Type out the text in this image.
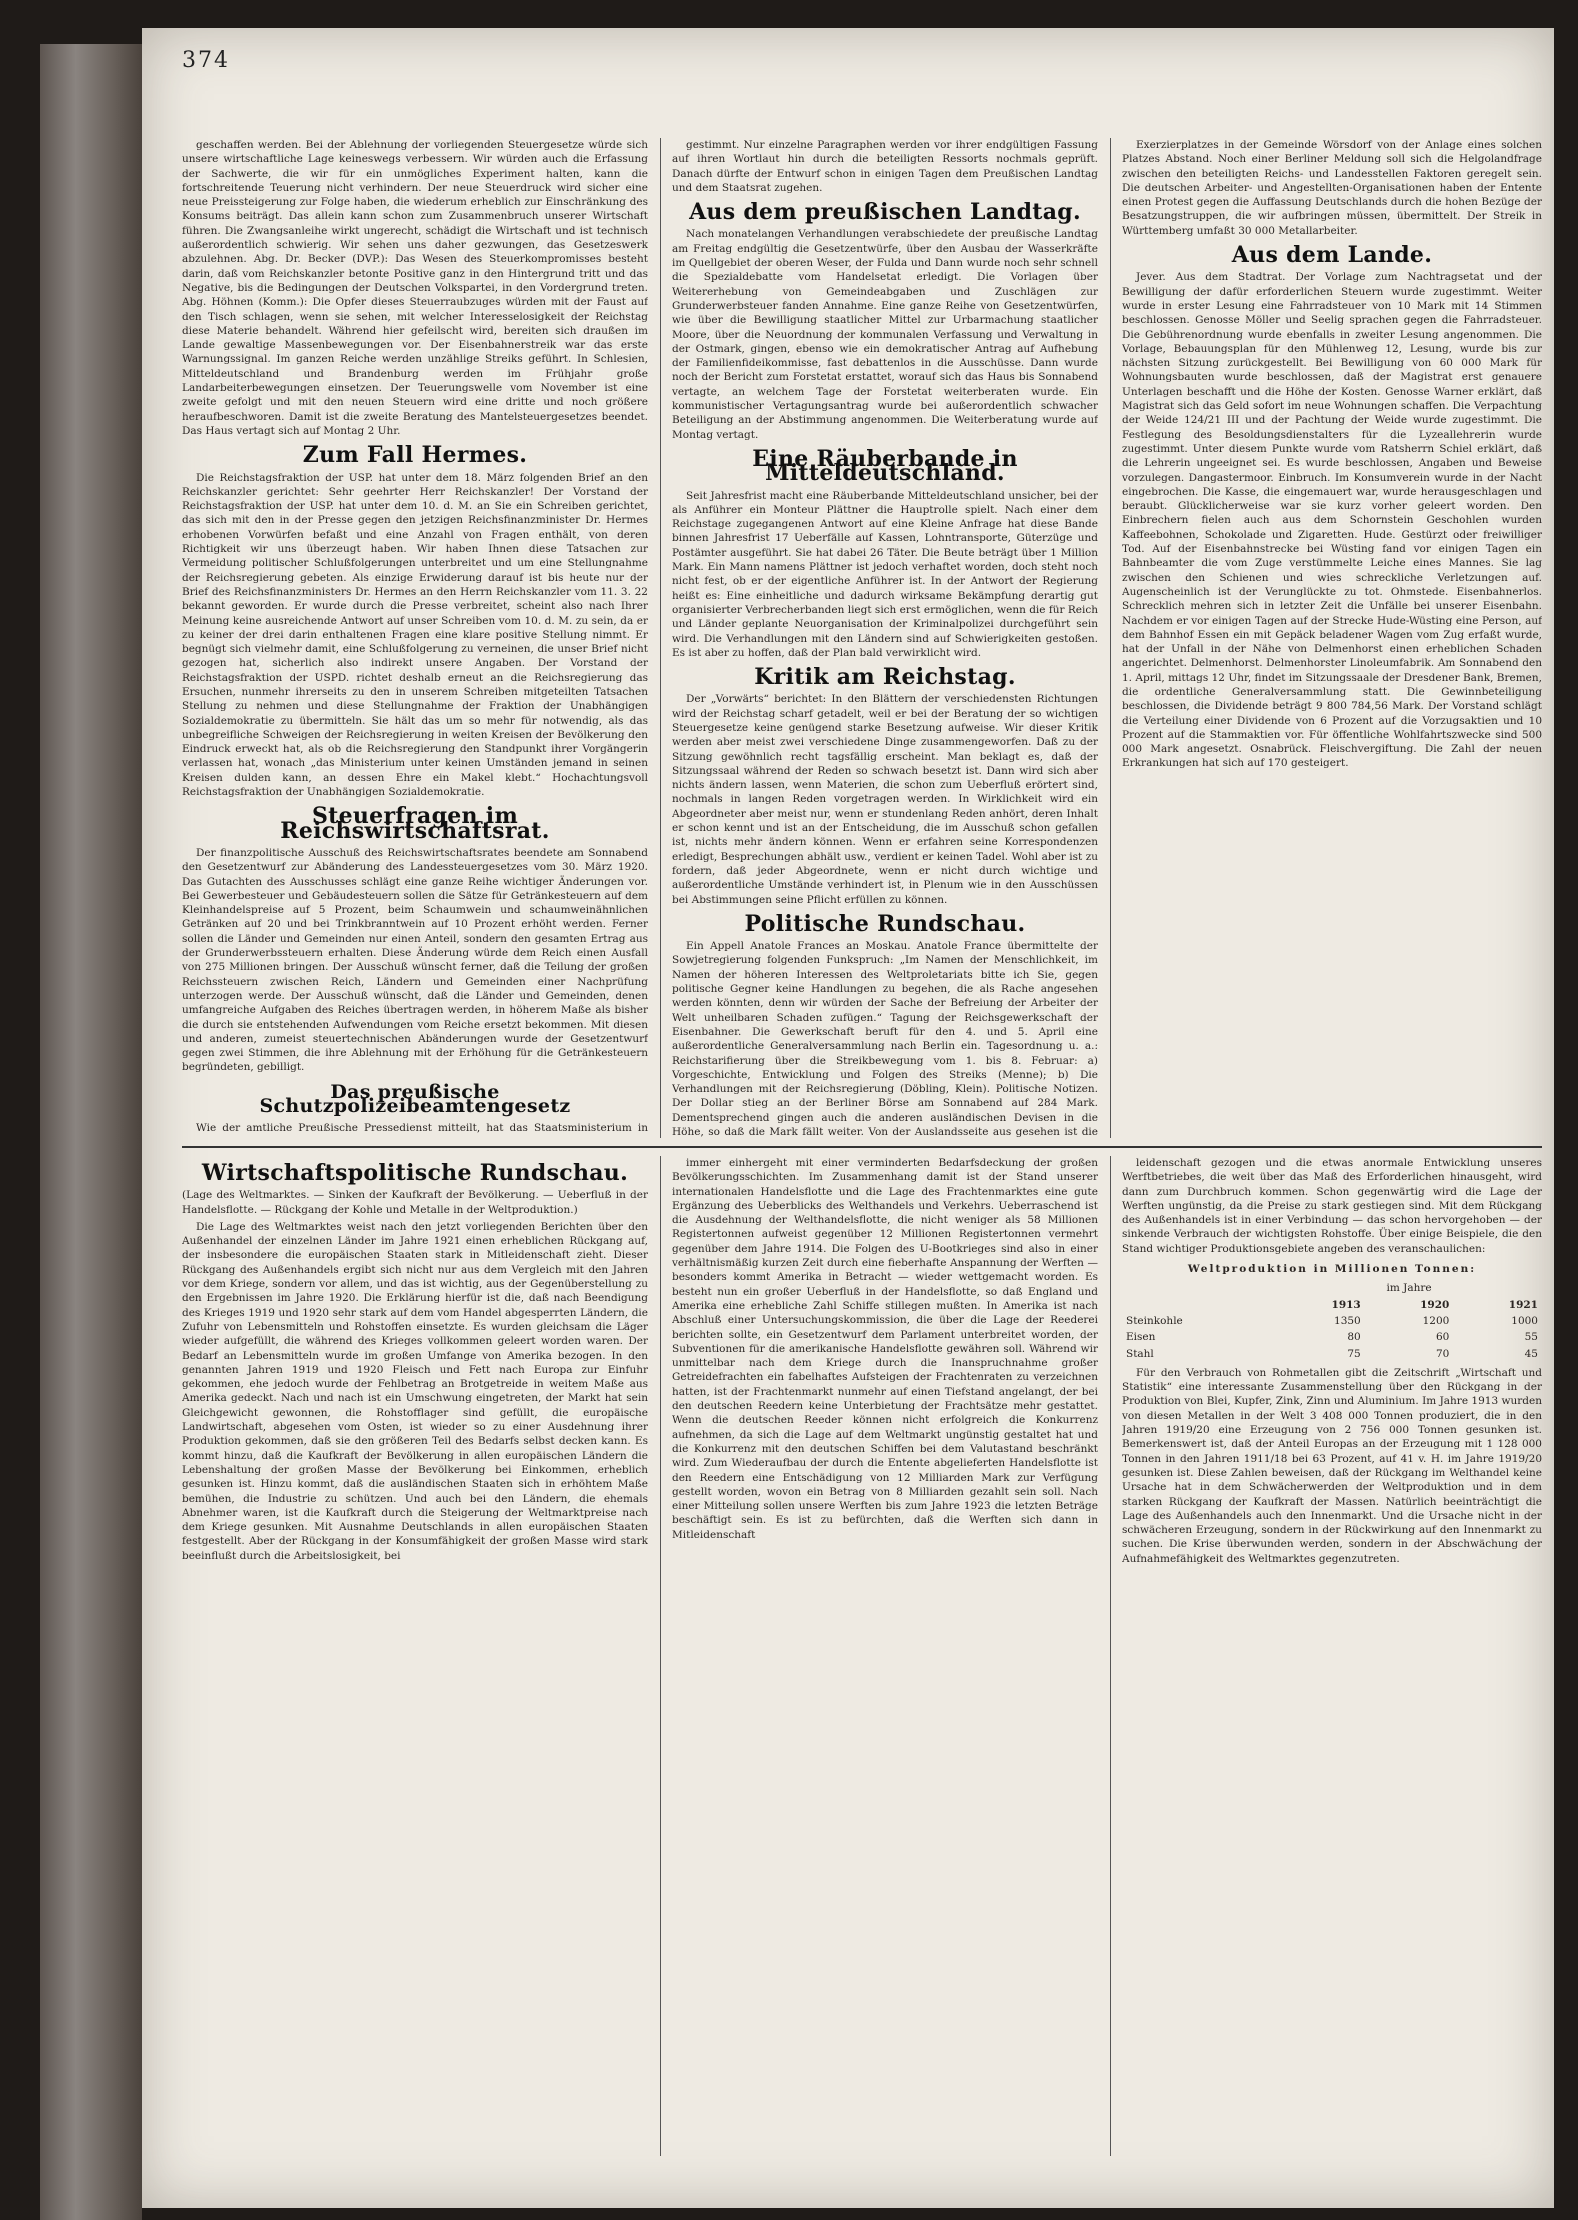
374

geschaffen werden. Bei der Ablehnung der vorliegenden Steuergesetze würde sich unsere wirtschaftliche Lage keineswegs verbessern. Wir würden auch die Erfassung der Sachwerte, die wir für ein unmögliches Experiment halten, kann die fortschreitende Teuerung nicht verhindern. Der neue Steuerdruck wird sicher eine neue Preissteigerung zur Folge haben, die wiederum erheblich zur Einschränkung des Konsums beiträgt. Das allein kann schon zum Zusammenbruch unserer Wirtschaft führen. Die Zwangsanleihe wirkt ungerecht, schädigt die Wirtschaft und ist technisch außerordentlich schwierig. Wir sehen uns daher gezwungen, das Gesetzeswerk abzulehnen. Abg. Dr. Becker (DVP.): Das Wesen des Steuerkompromisses besteht darin, daß vom Reichskanzler betonte Positive ganz in den Hintergrund tritt und das Negative, bis die Bedingungen der Deutschen Volkspartei, in den Vordergrund treten. Abg. Höhnen (Komm.): Die Opfer dieses Steuerraubzuges würden mit der Faust auf den Tisch schlagen, wenn sie sehen, mit welcher Interesselosigkeit der Reichstag diese Materie behandelt. Während hier gefeilscht wird, bereiten sich draußen im Lande gewaltige Massenbewegungen vor. Der Eisenbahnerstreik war das erste Warnungssignal. Im ganzen Reiche werden unzählige Streiks geführt. In Schlesien, Mitteldeutschland und Brandenburg werden im Frühjahr große Landarbeiterbewegungen einsetzen. Der Teuerungswelle vom November ist eine zweite gefolgt und mit den neuen Steuern wird eine dritte und noch größere heraufbeschworen. Damit ist die zweite Beratung des Mantelsteuergesetzes beendet. Das Haus vertagt sich auf Montag 2 Uhr.

Zum Fall Hermes.

Die Reichstagsfraktion der USP. hat unter dem 18. März folgenden Brief an den Reichskanzler gerichtet: Sehr geehrter Herr Reichskanzler! Der Vorstand der Reichstagsfraktion der USP. hat unter dem 10. d. M. an Sie ein Schreiben gerichtet, das sich mit den in der Presse gegen den jetzigen Reichsfinanzminister Dr. Hermes erhobenen Vorwürfen befaßt und eine Anzahl von Fragen enthält, von deren Richtigkeit wir uns überzeugt haben. Wir haben Ihnen diese Tatsachen zur Vermeidung politischer Schlußfolgerungen unterbreitet und um eine Stellungnahme der Reichsregierung gebeten. Als einzige Erwiderung darauf ist bis heute nur der Brief des Reichsfinanzministers Dr. Hermes an den Herrn Reichskanzler vom 11. 3. 22 bekannt geworden. Er wurde durch die Presse verbreitet, scheint also nach Ihrer Meinung keine ausreichende Antwort auf unser Schreiben vom 10. d. M. zu sein, da er zu keiner der drei darin enthaltenen Fragen eine klare positive Stellung nimmt. Er begnügt sich vielmehr damit, eine Schlußfolgerung zu verneinen, die unser Brief nicht gezogen hat, sicherlich also indirekt unsere Angaben. Der Vorstand der Reichstagsfraktion der USPD. richtet deshalb erneut an die Reichsregierung das Ersuchen, nunmehr ihrerseits zu den in unserem Schreiben mitgeteilten Tatsachen Stellung zu nehmen und diese Stellungnahme der Fraktion der Unabhängigen Sozialdemokratie zu übermitteln. Sie hält das um so mehr für notwendig, als das unbegreifliche Schweigen der Reichsregierung in weiten Kreisen der Bevölkerung den Eindruck erweckt hat, als ob die Reichsregierung den Standpunkt ihrer Vorgängerin verlassen hat, wonach „das Ministerium unter keinen Umständen jemand in seinen Kreisen dulden kann, an dessen Ehre ein Makel klebt.“ Hochachtungsvoll Reichstagsfraktion der Unabhängigen Sozialdemokratie.

Steuerfragen im Reichswirtschaftsrat.

Der finanzpolitische Ausschuß des Reichswirtschaftsrates beendete am Sonnabend den Gesetzentwurf zur Abänderung des Landessteuergesetzes vom 30. März 1920. Das Gutachten des Ausschusses schlägt eine ganze Reihe wichtiger Änderungen vor. Bei Gewerbesteuer und Gebäudesteuern sollen die Sätze für Getränkesteuern auf dem Kleinhandelspreise auf 5 Prozent, beim Schaumwein und schaumweinähnlichen Getränken auf 20 und bei Trinkbranntwein auf 10 Prozent erhöht werden. Ferner sollen die Länder und Gemeinden nur einen Anteil, sondern den gesamten Ertrag aus der Grunderwerbssteuern erhalten. Diese Änderung würde dem Reich einen Ausfall von 275 Millionen bringen. Der Ausschuß wünscht ferner, daß die Teilung der großen Reichssteuern zwischen Reich, Ländern und Gemeinden einer Nachprüfung unterzogen werde. Der Ausschuß wünscht, daß die Länder und Gemeinden, denen umfangreiche Aufgaben des Reiches übertragen werden, in höherem Maße als bisher die durch sie entstehenden Aufwendungen vom Reiche ersetzt bekommen. Mit diesen und anderen, zumeist steuertechnischen Abänderungen wurde der Gesetzentwurf gegen zwei Stimmen, die ihre Ablehnung mit der Erhöhung für die Getränkesteuern begründeten, gebilligt.

Das preußische Schutzpolizeibeamtengesetz

Wie der amtliche Preußische Pressedienst mitteilt, hat das Staatsministerium in

gestimmt. Nur einzelne Paragraphen werden vor ihrer endgültigen Fassung auf ihren Wortlaut hin durch die beteiligten Ressorts nochmals geprüft. Danach dürfte der Entwurf schon in einigen Tagen dem Preußischen Landtag und dem Staatsrat zugehen.

Aus dem preußischen Landtag.

Nach monatelangen Verhandlungen verabschiedete der preußische Landtag am Freitag endgültig die Gesetzentwürfe, über den Ausbau der Wasserkräfte im Quellgebiet der oberen Weser, der Fulda und Dann wurde noch sehr schnell die Spezialdebatte vom Handelsetat erledigt. Die Vorlagen über Weitererhebung von Gemeindeabgaben und Zuschlägen zur Grunderwerbsteuer fanden Annahme. Eine ganze Reihe von Gesetzentwürfen, wie über die Bewilligung staatlicher Mittel zur Urbarmachung staatlicher Moore, über die Neuordnung der kommunalen Verfassung und Verwaltung in der Ostmark, gingen, ebenso wie ein demokratischer Antrag auf Aufhebung der Familienfideikommisse, fast debattenlos in die Ausschüsse. Dann wurde noch der Bericht zum Forstetat erstattet, worauf sich das Haus bis Sonnabend vertagte, an welchem Tage der Forstetat weiterberaten wurde. Ein kommunistischer Vertagungsantrag wurde bei außerordentlich schwacher Beteiligung an der Abstimmung angenommen. Die Weiterberatung wurde auf Montag vertagt.

Eine Räuberbande in Mitteldeutschland.

Seit Jahresfrist macht eine Räuberbande Mitteldeutschland unsicher, bei der als Anführer ein Monteur Plättner die Hauptrolle spielt. Nach einer dem Reichstage zugegangenen Antwort auf eine Kleine Anfrage hat diese Bande binnen Jahresfrist 17 Ueberfälle auf Kassen, Lohntransporte, Güterzüge und Postämter ausgeführt. Sie hat dabei 26 Täter. Die Beute beträgt über 1 Million Mark. Ein Mann namens Plättner ist jedoch verhaftet worden, doch steht noch nicht fest, ob er der eigentliche Anführer ist. In der Antwort der Regierung heißt es: Eine einheitliche und dadurch wirksame Bekämpfung derartig gut organisierter Verbrecherbanden liegt sich erst ermöglichen, wenn die für Reich und Länder geplante Neuorganisation der Kriminalpolizei durchgeführt sein wird. Die Verhandlungen mit den Ländern sind auf Schwierigkeiten gestoßen. Es ist aber zu hoffen, daß der Plan bald verwirklicht wird.

Kritik am Reichstag.

Der „Vorwärts“ berichtet: In den Blättern der verschiedensten Richtungen wird der Reichstag scharf getadelt, weil er bei der Beratung der so wichtigen Steuergesetze keine genügend starke Besetzung aufweise. Wir dieser Kritik werden aber meist zwei verschiedene Dinge zusammengeworfen. Daß zu der Sitzung gewöhnlich recht tagsfällig erscheint. Man beklagt es, daß der Sitzungssaal während der Reden so schwach besetzt ist. Dann wird sich aber nichts ändern lassen, wenn Materien, die schon zum Ueberfluß erörtert sind, nochmals in langen Reden vorgetragen werden. In Wirklichkeit wird ein Abgeordneter aber meist nur, wenn er stundenlang Reden anhört, deren Inhalt er schon kennt und ist an der Entscheidung, die im Ausschuß schon gefallen ist, nichts mehr ändern können. Wenn er erfahren seine Korrespondenzen erledigt, Besprechungen abhält usw., verdient er keinen Tadel. Wohl aber ist zu fordern, daß jeder Abgeordnete, wenn er nicht durch wichtige und außerordentliche Umstände verhindert ist, in Plenum wie in den Ausschüssen bei Abstimmungen seine Pflicht erfüllen zu können.

Politische Rundschau.

Ein Appell Anatole Frances an Moskau. Anatole France übermittelte der Sowjetregierung folgenden Funkspruch: „Im Namen der Menschlichkeit, im Namen der höheren Interessen des Weltproletariats bitte ich Sie, gegen politische Gegner keine Handlungen zu begehen, die als Rache angesehen werden könnten, denn wir würden der Sache der Befreiung der Arbeiter der Welt unheilbaren Schaden zufügen.“ Tagung der Reichsgewerkschaft der Eisenbahner. Die Gewerkschaft beruft für den 4. und 5. April eine außerordentliche Generalversammlung nach Berlin ein. Tagesordnung u. a.: Reichstarifierung über die Streikbewegung vom 1. bis 8. Februar: a) Vorgeschichte, Entwicklung und Folgen des Streiks (Menne); b) Die Verhandlungen mit der Reichsregierung (Döbling, Klein). Politische Notizen. Der Dollar stieg an der Berliner Börse am Sonnabend auf 284 Mark. Dementsprechend gingen auch die anderen ausländischen Devisen in die Höhe, so daß die Mark fällt weiter. Von der Auslandsseite aus gesehen ist die

Exerzierplatzes in der Gemeinde Wörsdorf von der Anlage eines solchen Platzes Abstand. Noch einer Berliner Meldung soll sich die Helgolandfrage zwischen den beteiligten Reichs- und Landesstellen Faktoren geregelt sein. Die deutschen Arbeiter- und Angestellten-Organisationen haben der Entente einen Protest gegen die Auffassung Deutschlands durch die hohen Bezüge der Besatzungstruppen, die wir aufbringen müssen, übermittelt. Der Streik in Württemberg umfaßt 30 000 Metallarbeiter.

Aus dem Lande.

Jever. Aus dem Stadtrat. Der Vorlage zum Nachtragsetat und der Bewilligung der dafür erforderlichen Steuern wurde zugestimmt. Weiter wurde in erster Lesung eine Fahrradsteuer von 10 Mark mit 14 Stimmen beschlossen. Genosse Möller und Seelig sprachen gegen die Fahrradsteuer. Die Gebührenordnung wurde ebenfalls in zweiter Lesung angenommen. Die Vorlage, Bebauungsplan für den Mühlenweg 12, Lesung, wurde bis zur nächsten Sitzung zurückgestellt. Bei Bewilligung von 60 000 Mark für Wohnungsbauten wurde beschlossen, daß der Magistrat erst genauere Unterlagen beschafft und die Höhe der Kosten. Genosse Warner erklärt, daß Magistrat sich das Geld sofort im neue Wohnungen schaffen. Die Verpachtung der Weide 124/21 III und der Pachtung der Weide wurde zugestimmt. Die Festlegung des Besoldungsdienstalters für die Lyzeallehrerin wurde zugestimmt. Unter diesem Punkte wurde vom Ratsherrn Schiel erklärt, daß die Lehrerin ungeeignet sei. Es wurde beschlossen, Angaben und Beweise vorzulegen. Dangastermoor. Einbruch. Im Konsumverein wurde in der Nacht eingebrochen. Die Kasse, die eingemauert war, wurde herausgeschlagen und beraubt. Glücklicherweise war sie kurz vorher geleert worden. Den Einbrechern fielen auch aus dem Schornstein Geschohlen wurden Kaffeebohnen, Schokolade und Zigaretten. Hude. Gestürzt oder freiwilliger Tod. Auf der Eisenbahnstrecke bei Wüsting fand vor einigen Tagen ein Bahnbeamter die vom Zuge verstümmelte Leiche eines Mannes. Sie lag zwischen den Schienen und wies schreckliche Verletzungen auf. Augenscheinlich ist der Verunglückte zu tot. Ohmstede. Eisenbahnerlos. Schrecklich mehren sich in letzter Zeit die Unfälle bei unserer Eisenbahn. Nachdem er vor einigen Tagen auf der Strecke Hude-Wüsting eine Person, auf dem Bahnhof Essen ein mit Gepäck beladener Wagen vom Zug erfaßt wurde, hat der Unfall in der Nähe von Delmenhorst einen erheblichen Schaden angerichtet. Delmenhorst. Delmenhorster Linoleumfabrik. Am Sonnabend den 1. April, mittags 12 Uhr, findet im Sitzungssaale der Dresdener Bank, Bremen, die ordentliche Generalversammlung statt. Die Gewinnbeteiligung beschlossen, die Dividende beträgt 9 800 784,56 Mark. Der Vorstand schlägt die Verteilung einer Dividende von 6 Prozent auf die Vorzugsaktien und 10 Prozent auf die Stammaktien vor. Für öffentliche Wohlfahrtszwecke sind 500 000 Mark angesetzt. Osnabrück. Fleischvergiftung. Die Zahl der neuen Erkrankungen hat sich auf 170 gesteigert.

Wirtschaftspolitische Rundschau.

(Lage des Weltmarktes. — Sinken der Kaufkraft der Bevölkerung. — Ueberfluß in der Handelsflotte. — Rückgang der Kohle und Metalle in der Weltproduktion.)

Die Lage des Weltmarktes weist nach den jetzt vorliegenden Berichten über den Außenhandel der einzelnen Länder im Jahre 1921 einen erheblichen Rückgang auf, der insbesondere die europäischen Staaten stark in Mitleidenschaft zieht. Dieser Rückgang des Außenhandels ergibt sich nicht nur aus dem Vergleich mit den Jahren vor dem Kriege, sondern vor allem, und das ist wichtig, aus der Gegenüberstellung zu den Ergebnissen im Jahre 1920. Die Erklärung hierfür ist die, daß nach Beendigung des Krieges 1919 und 1920 sehr stark auf dem vom Handel abgesperrten Ländern, die Zufuhr von Lebensmitteln und Rohstoffen einsetzte. Es wurden gleichsam die Läger wieder aufgefüllt, die während des Krieges vollkommen geleert worden waren. Der Bedarf an Lebensmitteln wurde im großen Umfange von Amerika bezogen. In den genannten Jahren 1919 und 1920 Fleisch und Fett nach Europa zur Einfuhr gekommen, ehe jedoch wurde der Fehlbetrag an Brotgetreide in weitem Maße aus Amerika gedeckt. Nach und nach ist ein Umschwung eingetreten, der Markt hat sein Gleichgewicht gewonnen, die Rohstofflager sind gefüllt, die europäische Landwirtschaft, abgesehen vom Osten, ist wieder so zu einer Ausdehnung ihrer Produktion gekommen, daß sie den größeren Teil des Bedarfs selbst decken kann. Es kommt hinzu, daß die Kaufkraft der Bevölkerung in allen europäischen Ländern die Lebenshaltung der großen Masse der Bevölkerung bei Einkommen, erheblich gesunken ist. Hinzu kommt, daß die ausländischen Staaten sich in erhöhtem Maße bemühen, die Industrie zu schützen. Und auch bei den Ländern, die ehemals Abnehmer waren, ist die Kaufkraft durch die Steigerung der Weltmarktpreise nach dem Kriege gesunken. Mit Ausnahme Deutschlands in allen europäischen Staaten festgestellt. Aber der Rückgang in der Konsumfähigkeit der großen Masse wird stark beeinflußt durch die Arbeitslosigkeit, bei

immer einhergeht mit einer verminderten Bedarfsdeckung der großen Bevölkerungsschichten. Im Zusammenhang damit ist der Stand unserer internationalen Handelsflotte und die Lage des Frachtenmarktes eine gute Ergänzung des Ueberblicks des Welthandels und Verkehrs. Ueberraschend ist die Ausdehnung der Welthandelsflotte, die nicht weniger als 58 Millionen Registertonnen aufweist gegenüber 12 Millionen Registertonnen vermehrt gegenüber dem Jahre 1914. Die Folgen des U-Bootkrieges sind also in einer verhältnismäßig kurzen Zeit durch eine fieberhafte Anspannung der Werften — besonders kommt Amerika in Betracht — wieder wettgemacht worden. Es besteht nun ein großer Ueberfluß in der Handelsflotte, so daß England und Amerika eine erhebliche Zahl Schiffe stillegen mußten. In Amerika ist nach Abschluß einer Untersuchungskommission, die über die Lage der Reederei berichten sollte, ein Gesetzentwurf dem Parlament unterbreitet worden, der Subventionen für die amerikanische Handelsflotte gewähren soll. Während wir unmittelbar nach dem Kriege durch die Inanspruchnahme großer Getreidefrachten ein fabelhaftes Aufsteigen der Frachtenraten zu verzeichnen hatten, ist der Frachtenmarkt nunmehr auf einen Tiefstand angelangt, der bei den deutschen Reedern keine Unterbietung der Frachtsätze mehr gestattet. Wenn die deutschen Reeder können nicht erfolgreich die Konkurrenz aufnehmen, da sich die Lage auf dem Weltmarkt ungünstig gestaltet hat und die Konkurrenz mit den deutschen Schiffen bei dem Valutastand beschränkt wird. Zum Wiederaufbau der durch die Entente abgelieferten Handelsflotte ist den Reedern eine Entschädigung von 12 Milliarden Mark zur Verfügung gestellt worden, wovon ein Betrag von 8 Milliarden gezahlt sein soll. Nach einer Mitteilung sollen unsere Werften bis zum Jahre 1923 die letzten Beträge beschäftigt sein. Es ist zu befürchten, daß die Werften sich dann in Mitleidenschaft

leidenschaft gezogen und die etwas anormale Entwicklung unseres Werftbetriebes, die weit über das Maß des Erforderlichen hinausgeht, wird dann zum Durchbruch kommen. Schon gegenwärtig wird die Lage der Werften ungünstig, da die Preise zu stark gestiegen sind. Mit dem Rückgang des Außenhandels ist in einer Verbindung — das schon hervorgehoben — der sinkende Verbrauch der wichtigsten Rohstoffe. Über einige Beispiele, die den Stand wichtiger Produktionsgebiete angeben des veranschaulichen:

Weltproduktion in Millionen Tonnen:
	im Jahre		
	1913	1920	1921
Steinkohle	1350	1200	1000
Eisen	80	60	55
Stahl	75	70	45

Für den Verbrauch von Rohmetallen gibt die Zeitschrift „Wirtschaft und Statistik“ eine interessante Zusammenstellung über den Rückgang in der Produktion von Blei, Kupfer, Zink, Zinn und Aluminium. Im Jahre 1913 wurden von diesen Metallen in der Welt 3 408 000 Tonnen produziert, die in den Jahren 1919/20 eine Erzeugung von 2 756 000 Tonnen gesunken ist. Bemerkenswert ist, daß der Anteil Europas an der Erzeugung mit 1 128 000 Tonnen in den Jahren 1911/18 bei 63 Prozent, auf 41 v. H. im Jahre 1919/20 gesunken ist. Diese Zahlen beweisen, daß der Rückgang im Welthandel keine Ursache hat in dem Schwächerwerden der Weltproduktion und in dem starken Rückgang der Kaufkraft der Massen. Natürlich beeinträchtigt die Lage des Außenhandels auch den Innenmarkt. Und die Ursache nicht in der schwächeren Erzeugung, sondern in der Rückwirkung auf den Innenmarkt zu suchen. Die Krise überwunden werden, sondern in der Abschwächung der Aufnahmefähigkeit des Weltmarktes gegenzutreten.
